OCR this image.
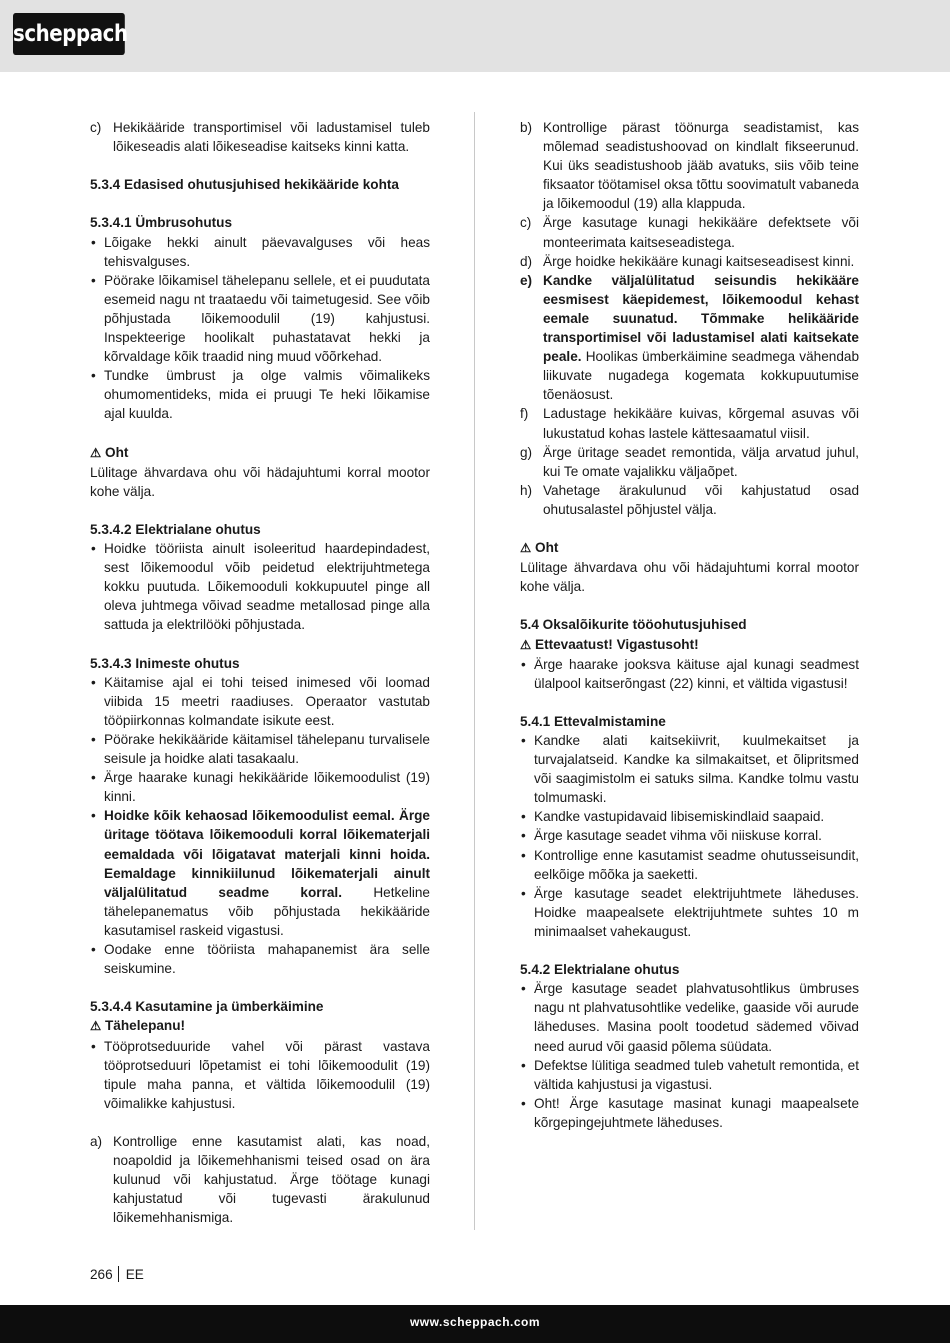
scheppach
c) Hekikääride transportimisel või ladustamisel tuleb lõikeseadis alati lõikeseadise kaitseks kinni katta.

5.3.4 Edasised ohutusjuhised hekikääride kohta

5.3.4.1 Ümbrusohutus

• Lõigake hekki ainult päevavalguses või heas tehisvalguses.
• Pöörake lõikamisel tähelepanu sellele, et ei puudutata esemeid nagu nt traataedu või taimetugesid. See võib põhjustada lõikemoodulil (19) kahjustusi. Inspekteerige hoolikalt puhastatavat hekki ja kõrvaldage kõik traadid ning muud võõrkehad.
• Tundke ümbrust ja olge valmis võimalikeks ohumomentideks, mida ei pruugi Te heki lõikamise ajal kuulda.

⚠ Oht

Lülitage ähvardava ohu või hädajuhtumi korral mootor kohe välja.

5.3.4.2 Elektrialane ohutus

• Hoidke tööriista ainult isoleeritud haardepindadest, sest lõikemoodul võib peidetud elektrijuhtmetega kokku puutuda. Lõikemooduli kokkupuutel pinge all oleva juhtmega võivad seadme metallosad pinge alla sattuda ja elektrilööki põhjustada.

5.3.4.3 Inimeste ohutus

• Käitamise ajal ei tohi teised inimesed või loomad viibida 15 meetri raadiuses. Operaator vastutab tööpiirkonnas kolmandate isikute eest.
• Pöörake hekikääride käitamisel tähelepanu turvalisele seisule ja hoidke alati tasakaalu.
• Ärge haarake kunagi hekikääride lõikemoodulist (19) kinni.
• Hoidke kõik kehaosad lõikemoodulist eemal. Ärge üritage töötava lõikemooduli korral lõikematerjali eemaldada või lõigatavat materjali kinni hoida. Eemaldage kinnikiilunud lõikematerjali ainult väljalülitatud seadme korral. Hetkeline tähelepanematus võib põhjustada hekikääride kasutamisel raskeid vigastusi.
• Oodake enne tööriista mahapanemist ära selle seiskumine.

5.3.4.4 Kasutamine ja ümberkäimine

⚠ Tähelepanu!

• Tööprotseduuride vahel või pärast vastava tööprotseduuri lõpetamist ei tohi lõikemoodulit (19) tipule maha panna, et vältida lõikemoodulil (19) võimalikke kahjustusi.
a) Kontrollige enne kasutamist alati, kas noad, noapoldid ja lõikemehhanismi teised osad on ära kulunud või kahjustatud. Ärge töötage kunagi kahjustatud või tugevasti ärakulunud lõikemehhanismiga.
b) Kontrollige pärast töönurga seadistamist, kas mõlemad seadistushoovad on kindlalt fikseerunud. Kui üks seadistushoob jääb avatuks, siis võib teine fiksaator töötamisel oksa tõttu soovimatult vabaneda ja lõikemoodul (19) alla klappuda.
c) Ärge kasutage kunagi hekikääre defektsete või monteerimata kaitseseadistega.
d) Ärge hoidke hekikääre kunagi kaitseseadisest kinni.
e) Kandke väljalülitatud seisundis hekikääre eesmisest käepidemest, lõikemoodul kehast eemale suunatud. Tõmmake helikääride transportimisel või ladustamisel alati kaitsekate peale. Hoolikas ümberkäimine seadmega vähendab liikuvate nugadega kogemata kokkupuutumise tõenäosust.
f) Ladustage hekikääre kuivas, kõrgemal asuvas või lukustatud kohas lastele kättesaamatul viisil.
g) Ärge üritage seadet remontida, välja arvatud juhul, kui Te omate vajalikku väljaõpet.
h) Vahetage ärakulunud või kahjustatud osad ohutusalastel põhjustel välja.

⚠ Oht

Lülitage ähvardava ohu või hädajuhtumi korral mootor kohe välja.

5.4 Oksalõikurite tööohutusjuhised

⚠ Ettevaatust! Vigastusoht!

• Ärge haarake jooksva käituse ajal kunagi seadmest ülalpool kaitserõngast (22) kinni, et vältida vigastusi!

5.4.1 Ettevalmistamine

• Kandke alati kaitsekiivrit, kuulmekaitset ja turvajalatseid. Kandke ka silmakaitset, et õlipritsmed või saagimistolm ei satuks silma. Kandke tolmu vastu tolmumaski.
• Kandke vastupidavaid libisemiskindlaid saapaid.
• Ärge kasutage seadet vihma või niiskuse korral.
• Kontrollige enne kasutamist seadme ohutusseisundit, eelkõige mõõka ja saeketti.
• Ärge kasutage seadet elektrijuhtmete läheduses. Hoidke maapealsete elektrijuhtmete suhtes 10 m minimaalset vahekaugust.

5.4.2 Elektrialane ohutus

• Ärge kasutage seadet plahvatusohtlikus ümbruses nagu nt plahvatusohtlike vedelike, gaaside või aurude läheduses. Masina poolt toodetud sädemed võivad need aurud või gaasid põlema süüdata.
• Defektse lülitiga seadmed tuleb vahetult remontida, et vältida kahjustusi ja vigastusi.
• Oht! Ärge kasutage masinat kunagi maapealsete kõrgepingejuhtmete läheduses.
266 EE
www.scheppach.com
